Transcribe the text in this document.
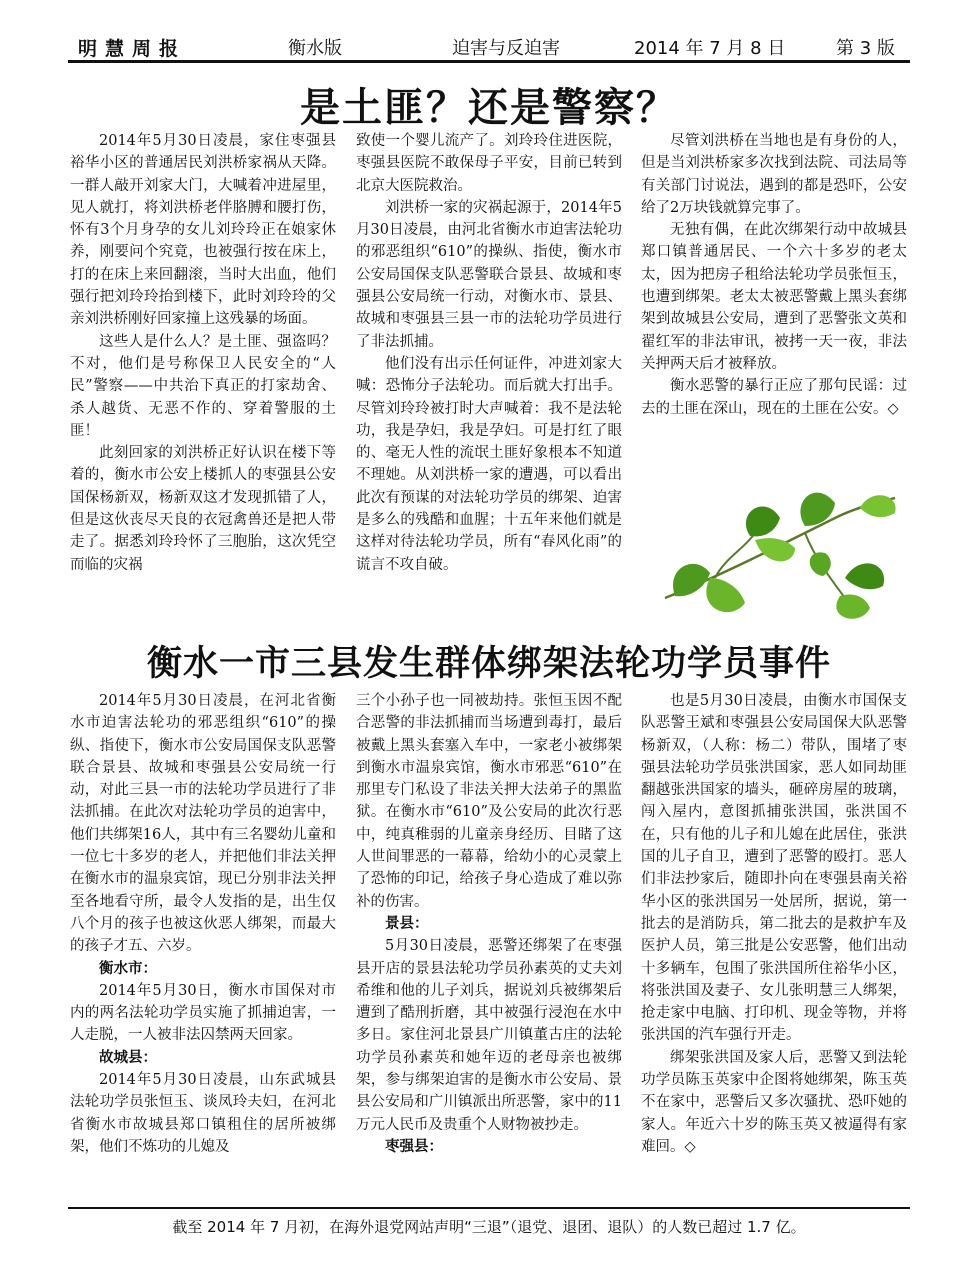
明慧周报	衡水版	迫害与反迫害	2014 年 7 月 8 日	第 3 版
是土匪？还是警察？

2014年5月30日凌晨，家住枣强县裕华小区的普通居民刘洪桥家祸从天降。一群人敲开刘家大门，大喊着冲进屋里，见人就打，将刘洪桥老伴胳膊和腰打伤，怀有3个月身孕的女儿刘玲玲正在娘家休养，刚要问个究竟，也被强行按在床上，打的在床上来回翻滚，当时大出血，他们强行把刘玲玲抬到楼下，此时刘玲玲的父亲刘洪桥刚好回家撞上这残暴的场面。

这些人是什么人？是土匪、强盗吗？不对，他们是号称保卫人民安全的“人民”警察——中共治下真正的打家劫舍、杀人越货、无恶不作的、穿着警服的土匪！

此刻回家的刘洪桥正好认识在楼下等着的，衡水市公安上楼抓人的枣强县公安国保杨新双，杨新双这才发现抓错了人，但是这伙丧尽天良的衣冠禽兽还是把人带走了。据悉刘玲玲怀了三胞胎，这次凭空而临的灾祸

致使一个婴儿流产了。刘玲玲住进医院，枣强县医院不敢保母子平安，目前已转到北京大医院救治。

刘洪桥一家的灾祸起源于，2014年5月30日凌晨，由河北省衡水市迫害法轮功的邪恶组织“610”的操纵、指使，衡水市公安局国保支队恶警联合景县、故城和枣强县公安局统一行动，对衡水市、景县、故城和枣强县三县一市的法轮功学员进行了非法抓捕。

他们没有出示任何证件，冲进刘家大喊：恐怖分子法轮功。而后就大打出手。尽管刘玲玲被打时大声喊着：我不是法轮功，我是孕妇，我是孕妇。可是打红了眼的、毫无人性的流氓土匪好象根本不知道不理她。从刘洪桥一家的遭遇，可以看出此次有预谋的对法轮功学员的绑架、迫害是多么的残酷和血腥；十五年来他们就是这样对待法轮功学员，所有“春风化雨”的谎言不攻自破。

尽管刘洪桥在当地也是有身份的人，但是当刘洪桥家多次找到法院、司法局等有关部门讨说法，遇到的都是恐吓，公安给了2万块钱就算完事了。

无独有偶，在此次绑架行动中故城县郑口镇普通居民、一个六十多岁的老太太，因为把房子租给法轮功学员张恒玉，也遭到绑架。老太太被恶警戴上黑头套绑架到故城县公安局，遭到了恶警张文英和翟红军的非法审讯，被拷一天一夜，非法关押两天后才被释放。

衡水恶警的暴行正应了那句民谣：过去的土匪在深山，现在的土匪在公安。◇

衡水一市三县发生群体绑架法轮功学员事件

2014年5月30日凌晨，在河北省衡水市迫害法轮功的邪恶组织“610”的操纵、指使下，衡水市公安局国保支队恶警联合景县、故城和枣强县公安局统一行动，对此三县一市的法轮功学员进行了非法抓捕。在此次对法轮功学员的迫害中，他们共绑架16人，其中有三名婴幼儿童和一位七十多岁的老人，并把他们非法关押在衡水市的温泉宾馆，现已分别非法关押至各地看守所，最令人发指的是，出生仅八个月的孩子也被这伙恶人绑架，而最大的孩子才五、六岁。

衡水市：

2014年5月30日，衡水市国保对市内的两名法轮功学员实施了抓捕迫害，一人走脱，一人被非法囚禁两天回家。

故城县：

2014年5月30日凌晨，山东武城县法轮功学员张恒玉、谈凤玲夫妇，在河北省衡水市故城县郑口镇租住的居所被绑架，他们不炼功的儿媳及

三个小孙子也一同被劫持。张恒玉因不配合恶警的非法抓捕而当场遭到毒打，最后被戴上黑头套塞入车中，一家老小被绑架到衡水市温泉宾馆，衡水市邪恶“610”在那里专门私设了非法关押大法弟子的黑监狱。在衡水市“610”及公安局的此次行恶中，纯真稚弱的儿童亲身经历、目睹了这人世间罪恶的一幕幕，给幼小的心灵蒙上了恐怖的印记，给孩子身心造成了难以弥补的伤害。

景县：

5月30日凌晨，恶警还绑架了在枣强县开店的景县法轮功学员孙素英的丈夫刘希维和他的儿子刘兵，据说刘兵被绑架后遭到了酷刑折磨，其中被强行浸泡在水中多日。家住河北景县广川镇董古庄的法轮功学员孙素英和她年迈的老母亲也被绑架，参与绑架迫害的是衡水市公安局、景县公安局和广川镇派出所恶警，家中的11万元人民币及贵重个人财物被抄走。

枣强县：

也是5月30日凌晨，由衡水市国保支队恶警王斌和枣强县公安局国保大队恶警杨新双，（人称：杨二）带队，围堵了枣强县法轮功学员张洪国家，恶人如同劫匪翻越张洪国家的墙头，砸碎房屋的玻璃，闯入屋内，意图抓捕张洪国，张洪国不在，只有他的儿子和儿媳在此居住，张洪国的儿子自卫，遭到了恶警的殴打。恶人们非法抄家后，随即扑向在枣强县南关裕华小区的张洪国另一处居所，据说，第一批去的是消防兵，第二批去的是救护车及医护人员，第三批是公安恶警，他们出动十多辆车，包围了张洪国所住裕华小区，将张洪国及妻子、女儿张明慧三人绑架，抢走家中电脑、打印机、现金等物，并将张洪国的汽车强行开走。

绑架张洪国及家人后，恶警又到法轮功学员陈玉英家中企图将她绑架，陈玉英不在家中，恶警后又多次骚扰、恐吓她的家人。年近六十岁的陈玉英又被逼得有家难回。◇

截至 2014 年 7 月初，在海外退党网站声明“三退”（退党、退团、退队）的人数已超过 1.7 亿。
